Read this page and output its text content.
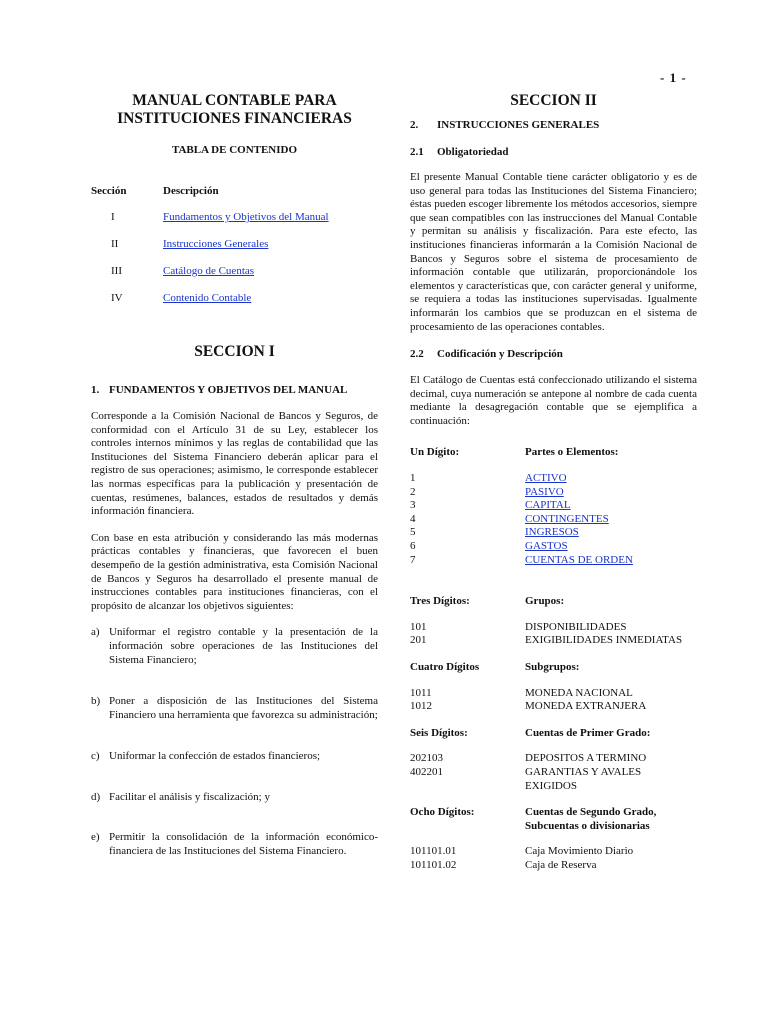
- 1 -
MANUAL CONTABLE PARA
INSTITUCIONES FINANCIERAS
TABLA DE CONTENIDO
Sección	Descripción
I	Fundamentos y Objetivos del Manual
II	Instrucciones Generales
III	Catálogo de Cuentas
IV	Contenido Contable
SECCION I
1. FUNDAMENTOS Y OBJETIVOS DEL MANUAL
Corresponde a la Comisión Nacional de Bancos y Seguros, de conformidad con el Artículo 31 de su Ley, establecer los controles internos mínimos y las reglas de contabilidad que las Instituciones del Sistema Financiero deberán aplicar para el registro de sus operaciones; asimismo, le corresponde establecer las normas específicas para la publicación y presentación de cuentas, resúmenes, balances, estados de resultados y demás información financiera.
Con base en esta atribución y considerando las más modernas prácticas contables y financieras, que favorecen el buen desempeño de la gestión administrativa, esta Comisión Nacional de Bancos y Seguros ha desarrollado el presente manual de instrucciones contables para instituciones financieras, con el propósito de alcanzar los objetivos siguientes:
a) Uniformar el registro contable y la presentación de la información sobre operaciones de las Instituciones del Sistema Financiero;
b) Poner a disposición de las Instituciones del Sistema Financiero una herramienta que favorezca su administración;
c) Uniformar la confección de estados financieros;
d) Facilitar el análisis y fiscalización; y
e) Permitir la consolidación de la información económico-financiera de las Instituciones del Sistema Financiero.
SECCION II
2. INSTRUCCIONES GENERALES
2.1 Obligatoriedad
El presente Manual Contable tiene carácter obligatorio y es de uso general para todas las Instituciones del Sistema Financiero; éstas pueden escoger libremente los métodos accesorios, siempre que sean compatibles con las instrucciones del Manual Contable y permitan su análisis y fiscalización. Para este efecto, las instituciones financieras informarán a la Comisión Nacional de Bancos y Seguros sobre el sistema de procesamiento de información contable que utilizarán, proporcionándole los elementos y características que, con carácter general y uniforme, se requiera a todas las instituciones supervisadas. Igualmente informarán los cambios que se produzcan en el sistema de procesamiento de las operaciones contables.
2.2 Codificación y Descripción
El Catálogo de Cuentas está confeccionado utilizando el sistema decimal, cuya numeración se antepone al nombre de cada cuenta mediante la desagregación contable que se ejemplifica a continuación:
Un Dígito:	Partes o Elementos:
1	ACTIVO
2	PASIVO
3	CAPITAL
4	CONTINGENTES
5	INGRESOS
6	GASTOS
7	CUENTAS DE ORDEN
Tres Dígitos:	Grupos:
101	DISPONIBILIDADES
201	EXIGIBILIDADES INMEDIATAS
Cuatro Dígitos	Subgrupos:
1011	MONEDA NACIONAL
1012	MONEDA EXTRANJERA
Seis Dígitos:	Cuentas de Primer Grado:
202103	DEPOSITOS A TERMINO
402201	GARANTIAS Y AVALES EXIGIDOS
Ocho Dígitos:	Cuentas de Segundo Grado,
Subcuentas o divisionarias
101101.01	Caja Movimiento Diario
101101.02	Caja de Reserva
